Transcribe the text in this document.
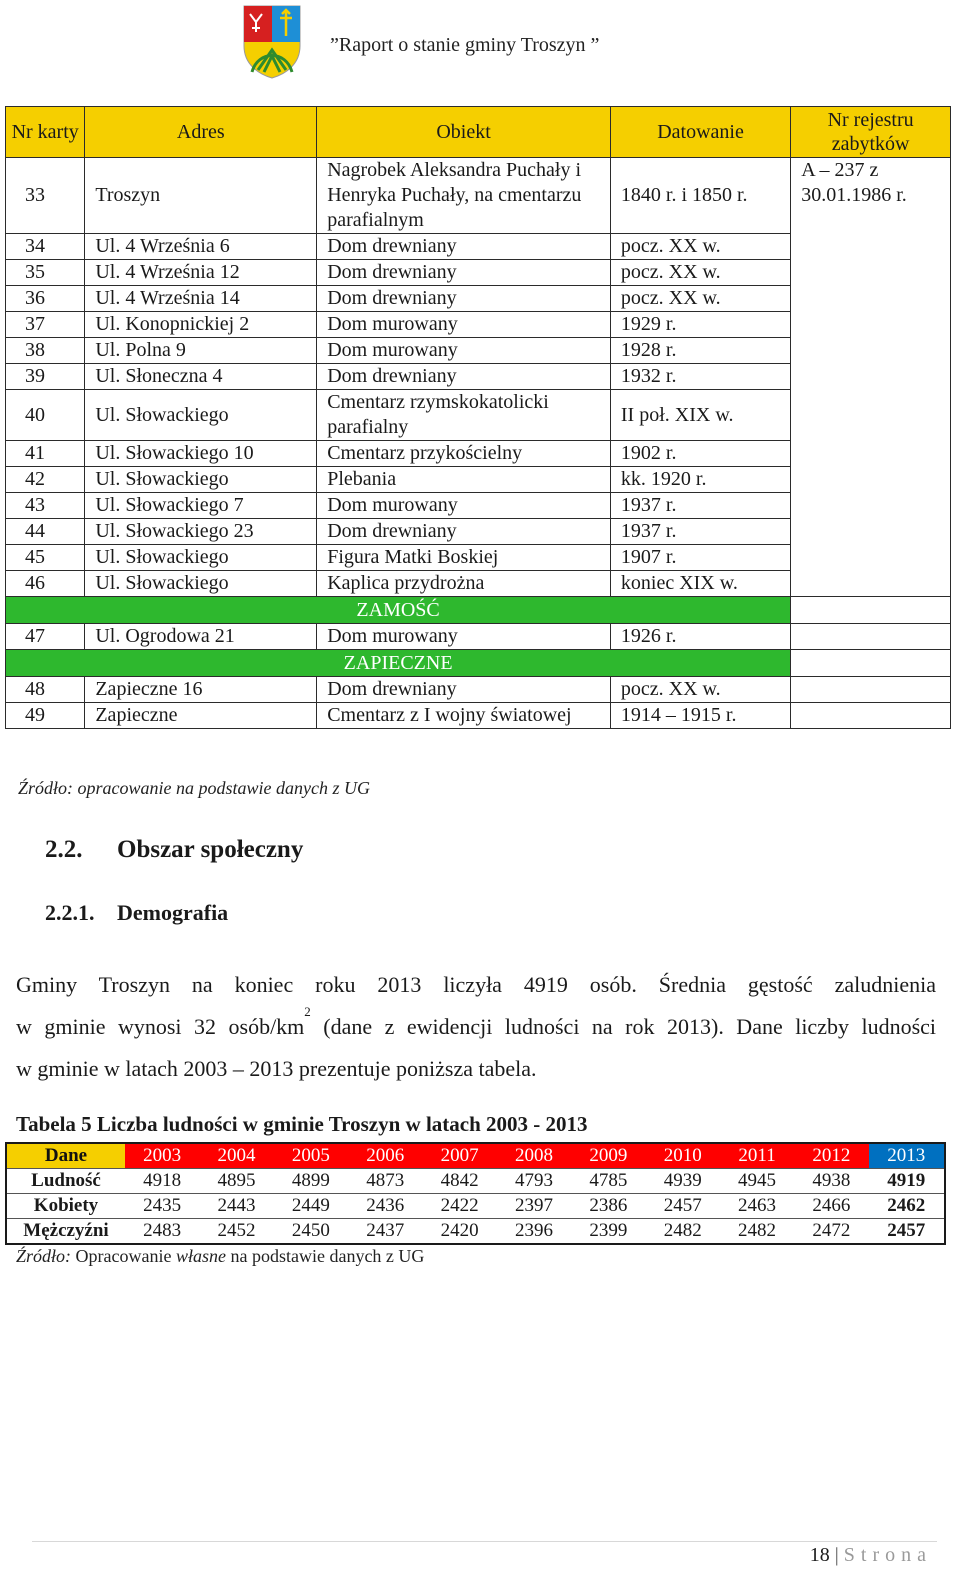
”Raport o stanie gminy Troszyn ”
Nr karty	Adres	Obiekt	Datowanie	Nr rejestru zabytków
33	Troszyn	Nagrobek Aleksandra Puchały i Henryka Puchały, na cmentarzu parafialnym	1840 r. i 1850 r.	A – 237 z 30.01.1986 r.
34	Ul. 4 Września 6	Dom drewniany	pocz. XX w.	
35	Ul. 4 Września 12	Dom drewniany	pocz. XX w.	
36	Ul. 4 Września 14	Dom drewniany	pocz. XX w.	
37	Ul. Konopnickiej 2	Dom murowany	1929 r.	
38	Ul. Polna 9	Dom murowany	1928 r.	
39	Ul. Słoneczna 4	Dom drewniany	1932 r.	
40	Ul. Słowackiego	Cmentarz rzymskokatolicki parafialny	II poł. XIX w.	
41	Ul. Słowackiego 10	Cmentarz przykościelny	1902 r.	
42	Ul. Słowackiego	Plebania	kk. 1920 r.	
43	Ul. Słowackiego 7	Dom murowany	1937 r.	
44	Ul. Słowackiego 23	Dom drewniany	1937 r.	
45	Ul. Słowackiego	Figura Matki Boskiej	1907 r.	
46	Ul. Słowackiego	Kaplica przydrożna	koniec XIX w.	
ZAMOŚĆ				
47	Ul. Ogrodowa 21	Dom murowany	1926 r.	
ZAPIECZNE				
48	Zapieczne 16	Dom drewniany	pocz. XX w.	
49	Zapieczne	Cmentarz z I wojny światowej	1914 – 1915 r.	
Źródło: opracowanie na podstawie danych z UG
2.2. Obszar społeczny
2.2.1. Demografia

Gminy Troszyn na koniec roku 2013 liczyła 4919 osób. Średnia gęstość zaludnienia

w gminie wynosi 32 osób/$km^2$ (dane z ewidencji ludności na rok 2013). Dane liczby ludności

w gminie w latach 2003 – 2013 prezentuje poniższa tabela.

Tabela 5 Liczba ludności w gminie Troszyn w latach 2003 - 2013
Dane	2003	2004	2005	2006	2007	2008	2009	2010	2011	2012	2013
Ludność	4918	4895	4899	4873	4842	4793	4785	4939	4945	4938	4919
Kobiety	2435	2443	2449	2436	2422	2397	2386	2457	2463	2466	2462
Mężczyźni	2483	2452	2450	2437	2420	2396	2399	2482	2482	2472	2457
Źródło: Opracowanie własne na podstawie danych z UG
18 | Strona
